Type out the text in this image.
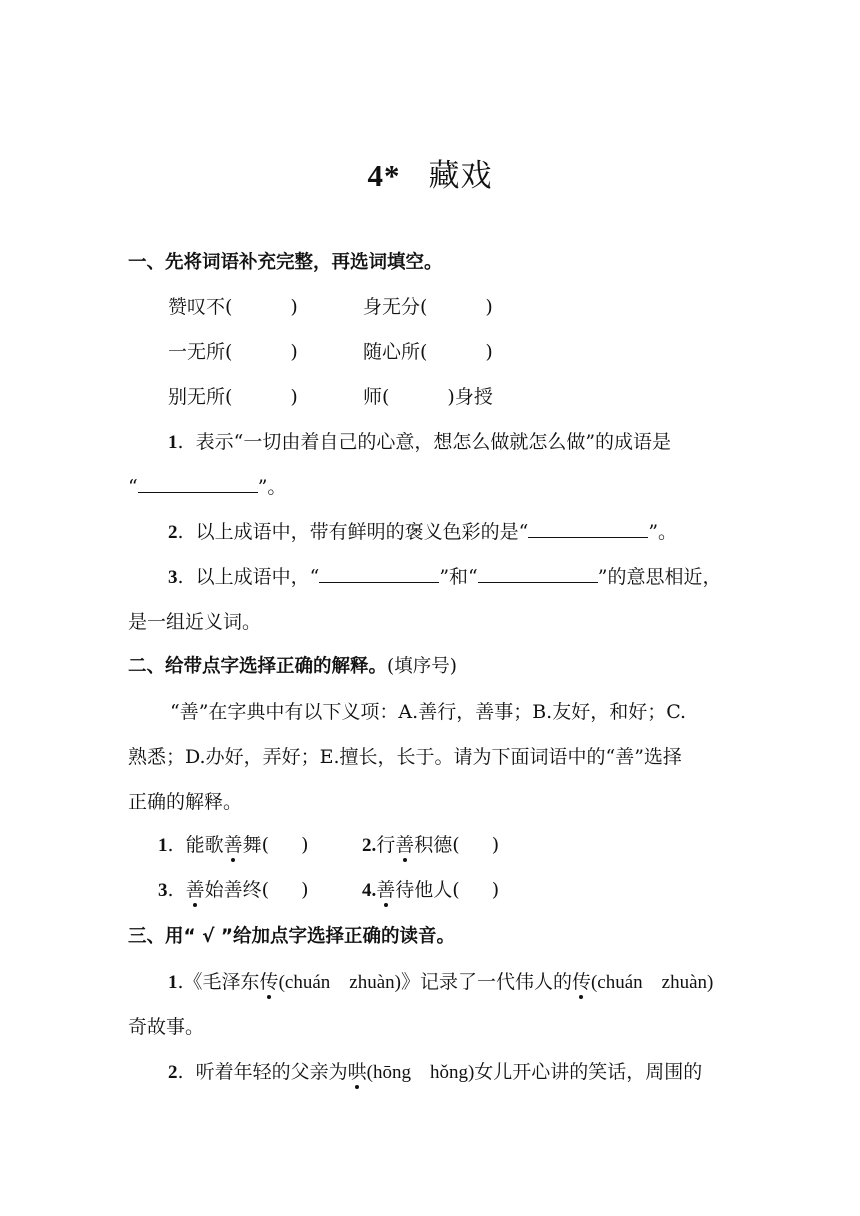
4* 藏戏
一、先将词语补充完整，再选词填空。
赞叹不(	)	身无分(	)
一无所(	)	随心所(	)
别无所(	)	师(	)身授
1.  表示“一切由着自己的心意，想怎么做就怎么做”的成语是
“	”。
2.  以上成语中，带有鲜明的褒义色彩的是“	”。
3.  以上成语中，“	”和“	”的意思相近，
是一组近义词。
二、给带点字选择正确的解释。(填序号)
“善”在字典中有以下义项：A.善行，善事；B.友好，和好；C.
熟悉；D.办好，弄好；E.擅长，长于。请为下面词语中的“善”选择
正确的解释。
1.  能歌善舞( )	2.行善积德( )
3.  善始善终( )	4.善待他人( )
三、用“ √ ”给加点字选择正确的读音。
1.《毛泽东传(chuán    zhuàn)》记录了一代伟人的传(chuán    zhuàn)
奇故事。
2.  听着年轻的父亲为哄(hōng    hǒng)女儿开心讲的笑话，周围的
